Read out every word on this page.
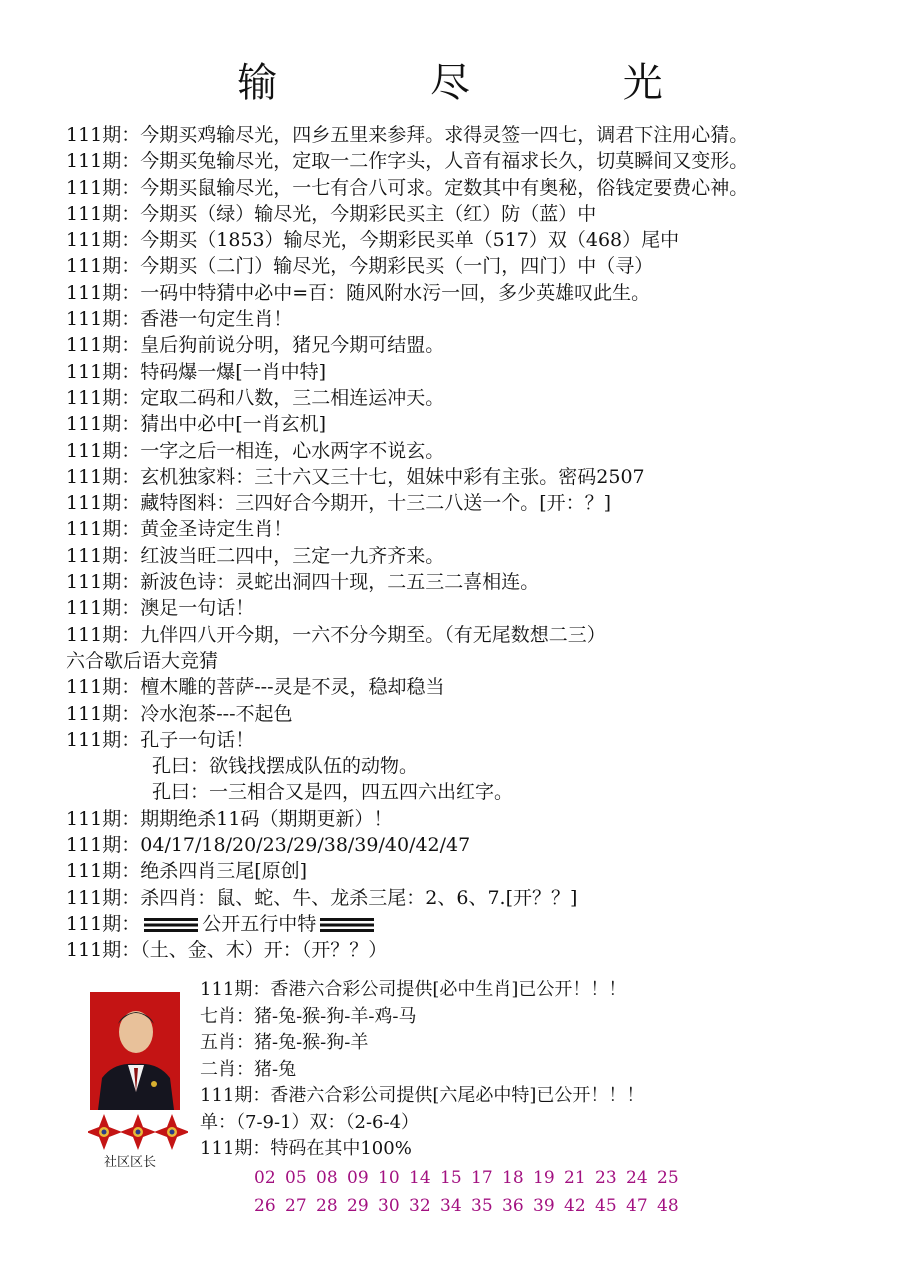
输 尽 光
111期：今期买鸡输尽光，四乡五里来参拜。求得灵签一四七，调君下注用心猜。
111期：今期买兔输尽光，定取一二作字头，人音有福求长久，切莫瞬间又变形。
111期：今期买鼠输尽光，一七有合八可求。定数其中有奥秘，俗钱定要费心神。
111期：今期买（绿）输尽光，今期彩民买主（红）防（蓝）中
111期：今期买（1853）输尽光，今期彩民买单（517）双（468）尾中
111期：今期买（二门）输尽光，今期彩民买（一门，四门）中（寻）
111期：一码中特猜中必中=百：随风附水污一回，多少英雄叹此生。
111期：香港一句定生肖！
111期：皇后狗前说分明，猪兄今期可结盟。
111期：特码爆一爆[一肖中特]
111期：定取二码和八数，三二相连运冲天。
111期：猜出中必中[一肖玄机]
111期：一字之后一相连，心水两字不说玄。
111期：玄机独家料：三十六又三十七，姐妹中彩有主张。密码2507
111期：藏特图料：三四好合今期开，十三二八送一个。[开：？]
111期：黄金圣诗定生肖！
111期：红波当旺二四中，三定一九齐齐来。
111期：新波色诗：灵蛇出洞四十现，二五三二喜相连。
111期：澳足一句话！
111期：九伴四八开今期，一六不分今期至。（有无尾数想二三）
六合歇后语大竞猜
111期：檀木雕的菩萨---灵是不灵，稳却稳当
111期：冷水泡茶---不起色
111期：孔子一句话！
孔曰：欲钱找摆成队伍的动物。
孔曰：一三相合又是四，四五四六出红字。
111期：期期绝杀11码（期期更新）！
111期：04/17/18/20/23/29/38/39/40/42/47
111期：绝杀四肖三尾[原创]
111期：杀四肖：鼠、蛇、牛、龙杀三尾：2、6、7.[开？？]
111期：	公开五行中特
111期：（土、金、木）开：（开？？）
社区区长
111期：香港六合彩公司提供[必中生肖]已公开！！！
七肖：猪-兔-猴-狗-羊-鸡-马
五肖：猪-兔-猴-狗-羊
二肖：猪-兔
111期：香港六合彩公司提供[六尾必中特]已公开！！！
单：（7-9-1）双：（2-6-4）
111期：特码在其中100%
02 05 08 09 10 14 15 17 18 19 21 23 24 25
26 27 28 29 30 32 34 35 36 39 42 45 47 48
